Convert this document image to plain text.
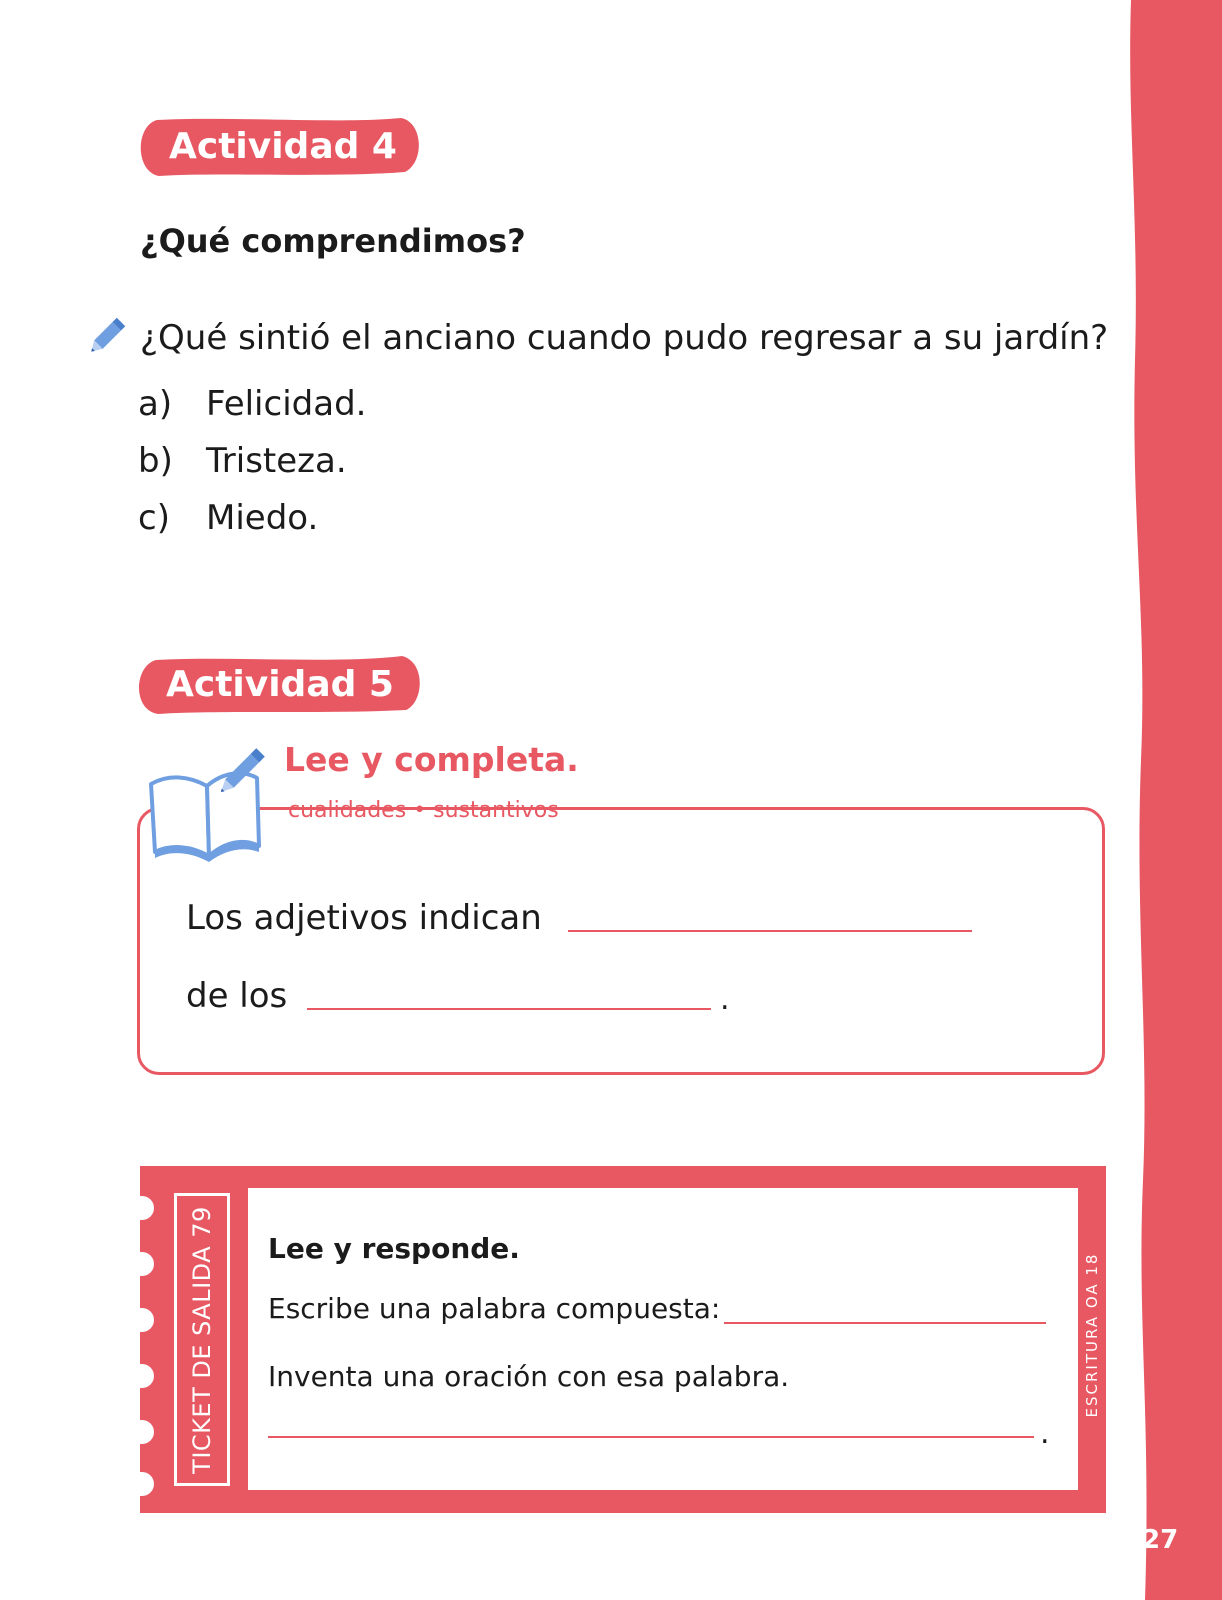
27
Actividad 4
¿Qué comprendimos?
¿Qué sintió el anciano cuando pudo regresar a su jardín?
a) Felicidad.
b) Tristeza.
c) Miedo.
Actividad 5
Lee y completa.
cualidades • sustantivos
Los adjetivos indican
de los	.
TICKET DE SALIDA 79	ESCRITURA OA 18
Lee y responde.
Escribe una palabra compuesta:
Inventa una oración con esa palabra.
.
